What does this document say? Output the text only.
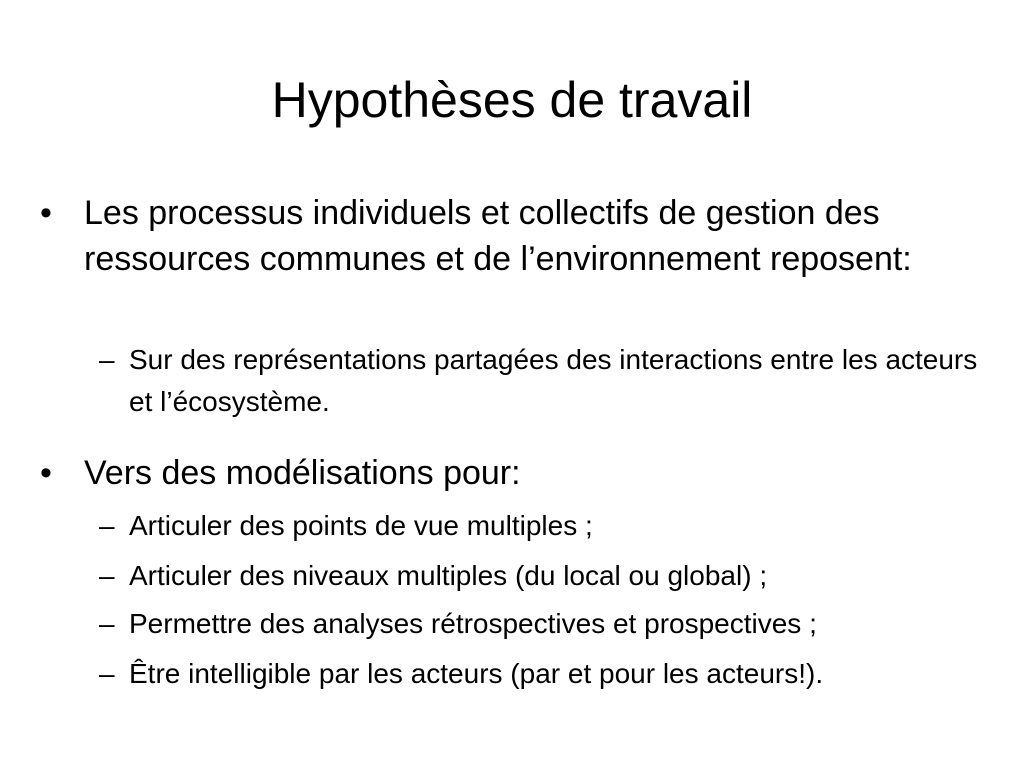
Hypothèses de travail
• Les processus individuels et collectifs de gestion des ressources communes et de l’environnement reposent:
– Sur des représentations partagées des interactions entre les acteurs et l’écosystème.
• Vers des modélisations pour:
– Articuler des points de vue multiples ;
– Articuler des niveaux multiples (du local ou global) ;
– Permettre des analyses rétrospectives et prospectives ;
– Être intelligible par les acteurs (par et pour les acteurs!).
